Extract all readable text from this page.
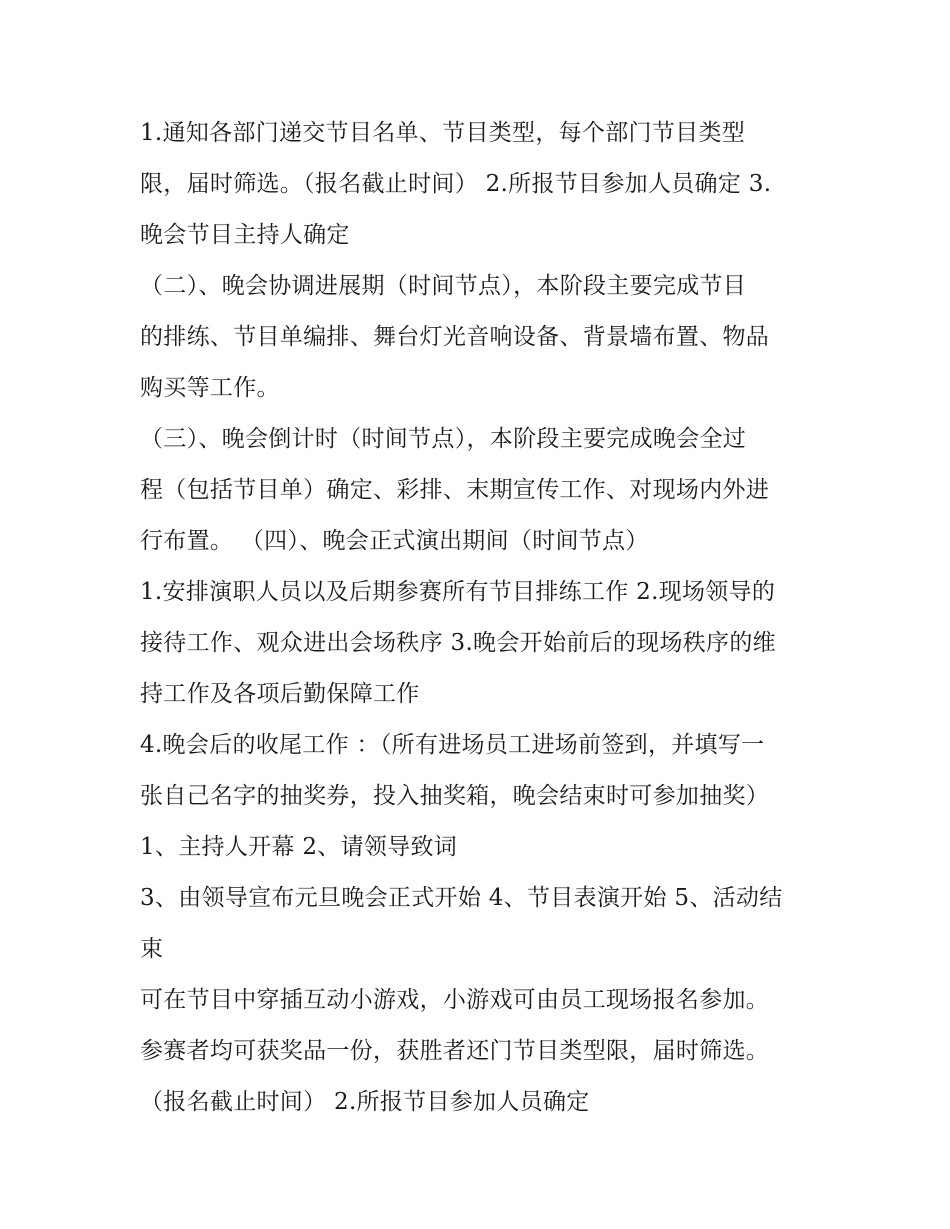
1.通知各部门递交节目名单、节目类型，每个部门节目类型
限，届时筛选。（报名截止时间） 2.所报节目参加人员确定 3.
晚会节目主持人确定
（二）、晚会协调进展期（时间节点），本阶段主要完成节目
的排练、节目单编排、舞台灯光音响设备、背景墙布置、物品
购买等工作。
（三）、晚会倒计时（时间节点），本阶段主要完成晚会全过
程（包括节目单）确定、彩排、末期宣传工作、对现场内外进
行布置。 （四）、晚会正式演出期间（时间节点）
1.安排演职人员以及后期参赛所有节目排练工作 2.现场领导的
接待工作、观众进出会场秩序 3.晚会开始前后的现场秩序的维
持工作及各项后勤保障工作
4.晚会后的收尾工作 ：（所有进场员工进场前签到，并填写一
张自己名字的抽奖券，投入抽奖箱，晚会结束时可参加抽奖）
1、主持人开幕 2、请领导致词
3、由领导宣布元旦晚会正式开始 4、节目表演开始 5、活动结
束
可在节目中穿插互动小游戏，小游戏可由员工现场报名参加。
参赛者均可获奖品一份，获胜者还门节目类型限，届时筛选。
（报名截止时间） 2.所报节目参加人员确定
